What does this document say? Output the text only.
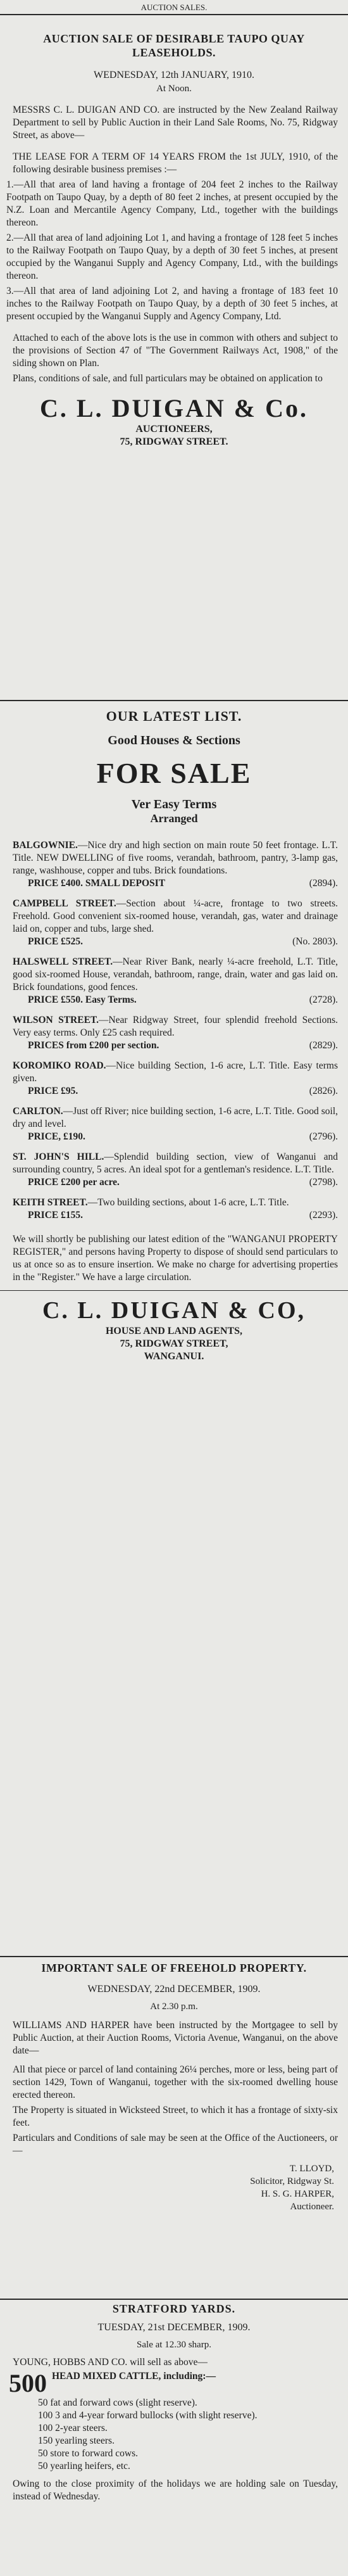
AUCTION SALES.
AUCTION SALE OF DESIRABLE TAUPO QUAY LEASEHOLDS.
WEDNESDAY, 12th JANUARY, 1910.
At Noon.
MESSRS C. L. DUIGAN AND CO. are instructed by the New Zealand Railway Department to sell by Public Auction in their Land Sale Rooms, No. 75, Ridgway Street, as above—
THE LEASE FOR A TERM OF 14 YEARS FROM the 1st JULY, 1910, of the following desirable business premises :—
1.—All that area of land having a frontage of 204 feet 2 inches to the Railway Footpath on Taupo Quay, by a depth of 80 feet 2 inches, at present occupied by the N.Z. Loan and Mercantile Agency Company, Ltd., together with the buildings thereon.
2.—All that area of land adjoining Lot 1, and having a frontage of 128 feet 5 inches to the Railway Footpath on Taupo Quay, by a depth of 30 feet 5 inches, at present occupied by the Wanganui Supply and Agency Company, Ltd., with the buildings thereon.
3.—All that area of land adjoining Lot 2, and having a frontage of 183 feet 10 inches to the Railway Footpath on Taupo Quay, by a depth of 30 feet 5 inches, at present occupied by the Wanganui Supply and Agency Company, Ltd.
Attached to each of the above lots is the use in common with others and subject to the provisions of Section 47 of "The Government Railways Act, 1908," of the siding shown on Plan.
Plans, conditions of sale, and full particulars may be obtained on application to
C. L. DUIGAN & Co.
AUCTIONEERS,
75, RIDGWAY STREET.
OUR LATEST LIST.
Good Houses & Sections
FOR SALE
Ver Easy Terms
Arranged

BALGOWNIE.—Nice dry and high section on main route 50 feet frontage. L.T. Title. NEW DWELLING of five rooms, verandah, bathroom, pantry, 3-lamp gas, range, washhouse, copper and tubs. Brick foundations.

PRICE £400. SMALL DEPOSIT	(2894).

CAMPBELL STREET.—Section about ¼-acre, frontage to two streets. Freehold. Good convenient six-roomed house, verandah, gas, water and drainage laid on, copper and tubs, large shed.

PRICE £525.	(No. 2803).

HALSWELL STREET.—Near River Bank, nearly ¼-acre freehold, L.T. Title, good six-roomed House, verandah, bathroom, range, drain, water and gas laid on. Brick foundations, good fences.

PRICE £550. Easy Terms.	(2728).

WILSON STREET.—Near Ridgway Street, four splendid freehold Sections. Very easy terms. Only £25 cash required.

PRICES from £200 per section.	(2829).

KOROMIKO ROAD.—Nice building Section, 1-6 acre, L.T. Title. Easy terms given.

PRICE £95.	(2826).

CARLTON.—Just off River; nice building section, 1-6 acre, L.T. Title. Good soil, dry and level.

PRICE, £190.	(2796).

ST. JOHN'S HILL.—Splendid building section, view of Wanganui and surrounding country, 5 acres. An ideal spot for a gentleman's residence. L.T. Title.

PRICE £200 per acre.	(2798).

KEITH STREET.—Two building sections, about 1-6 acre, L.T. Title.

PRICE £155.	(2293).

We will shortly be publishing our latest edition of the "WANGANUI PROPERTY REGISTER," and persons having Property to dispose of should send particulars to us at once so as to ensure insertion. We make no charge for advertising properties in the "Register." We have a large circulation.
C. L. DUIGAN & CO,
HOUSE AND LAND AGENTS,
75, RIDGWAY STREET,
WANGANUI.
IMPORTANT SALE OF FREEHOLD PROPERTY.
WEDNESDAY, 22nd DECEMBER, 1909.
At 2.30 p.m.
WILLIAMS AND HARPER have been instructed by the Mortgagee to sell by Public Auction, at their Auction Rooms, Victoria Avenue, Wanganui, on the above date—
All that piece or parcel of land containing 26¼ perches, more or less, being part of section 1429, Town of Wanganui, together with the six-roomed dwelling house erected thereon.
The Property is situated in Wicksteed Street, to which it has a frontage of sixty-six feet.
Particulars and Conditions of sale may be seen at the Office of the Auctioneers, or—
T. LLOYD,
Solicitor, Ridgway St.
H. S. G. HARPER,
Auctioneer.
STRATFORD YARDS.
TUESDAY, 21st DECEMBER, 1909.
Sale at 12.30 sharp.
YOUNG, HOBBS AND CO. will sell as above—
500 HEAD MIXED CATTLE, including:—
50 fat and forward cows (slight reserve).
100 3 and 4-year forward bullocks (with slight reserve).
100 2-year steers.
150 yearling steers.
50 store to forward cows.
50 yearling heifers, etc.
Owing to the close proximity of the holidays we are holding sale on Tuesday, instead of Wednesday.
